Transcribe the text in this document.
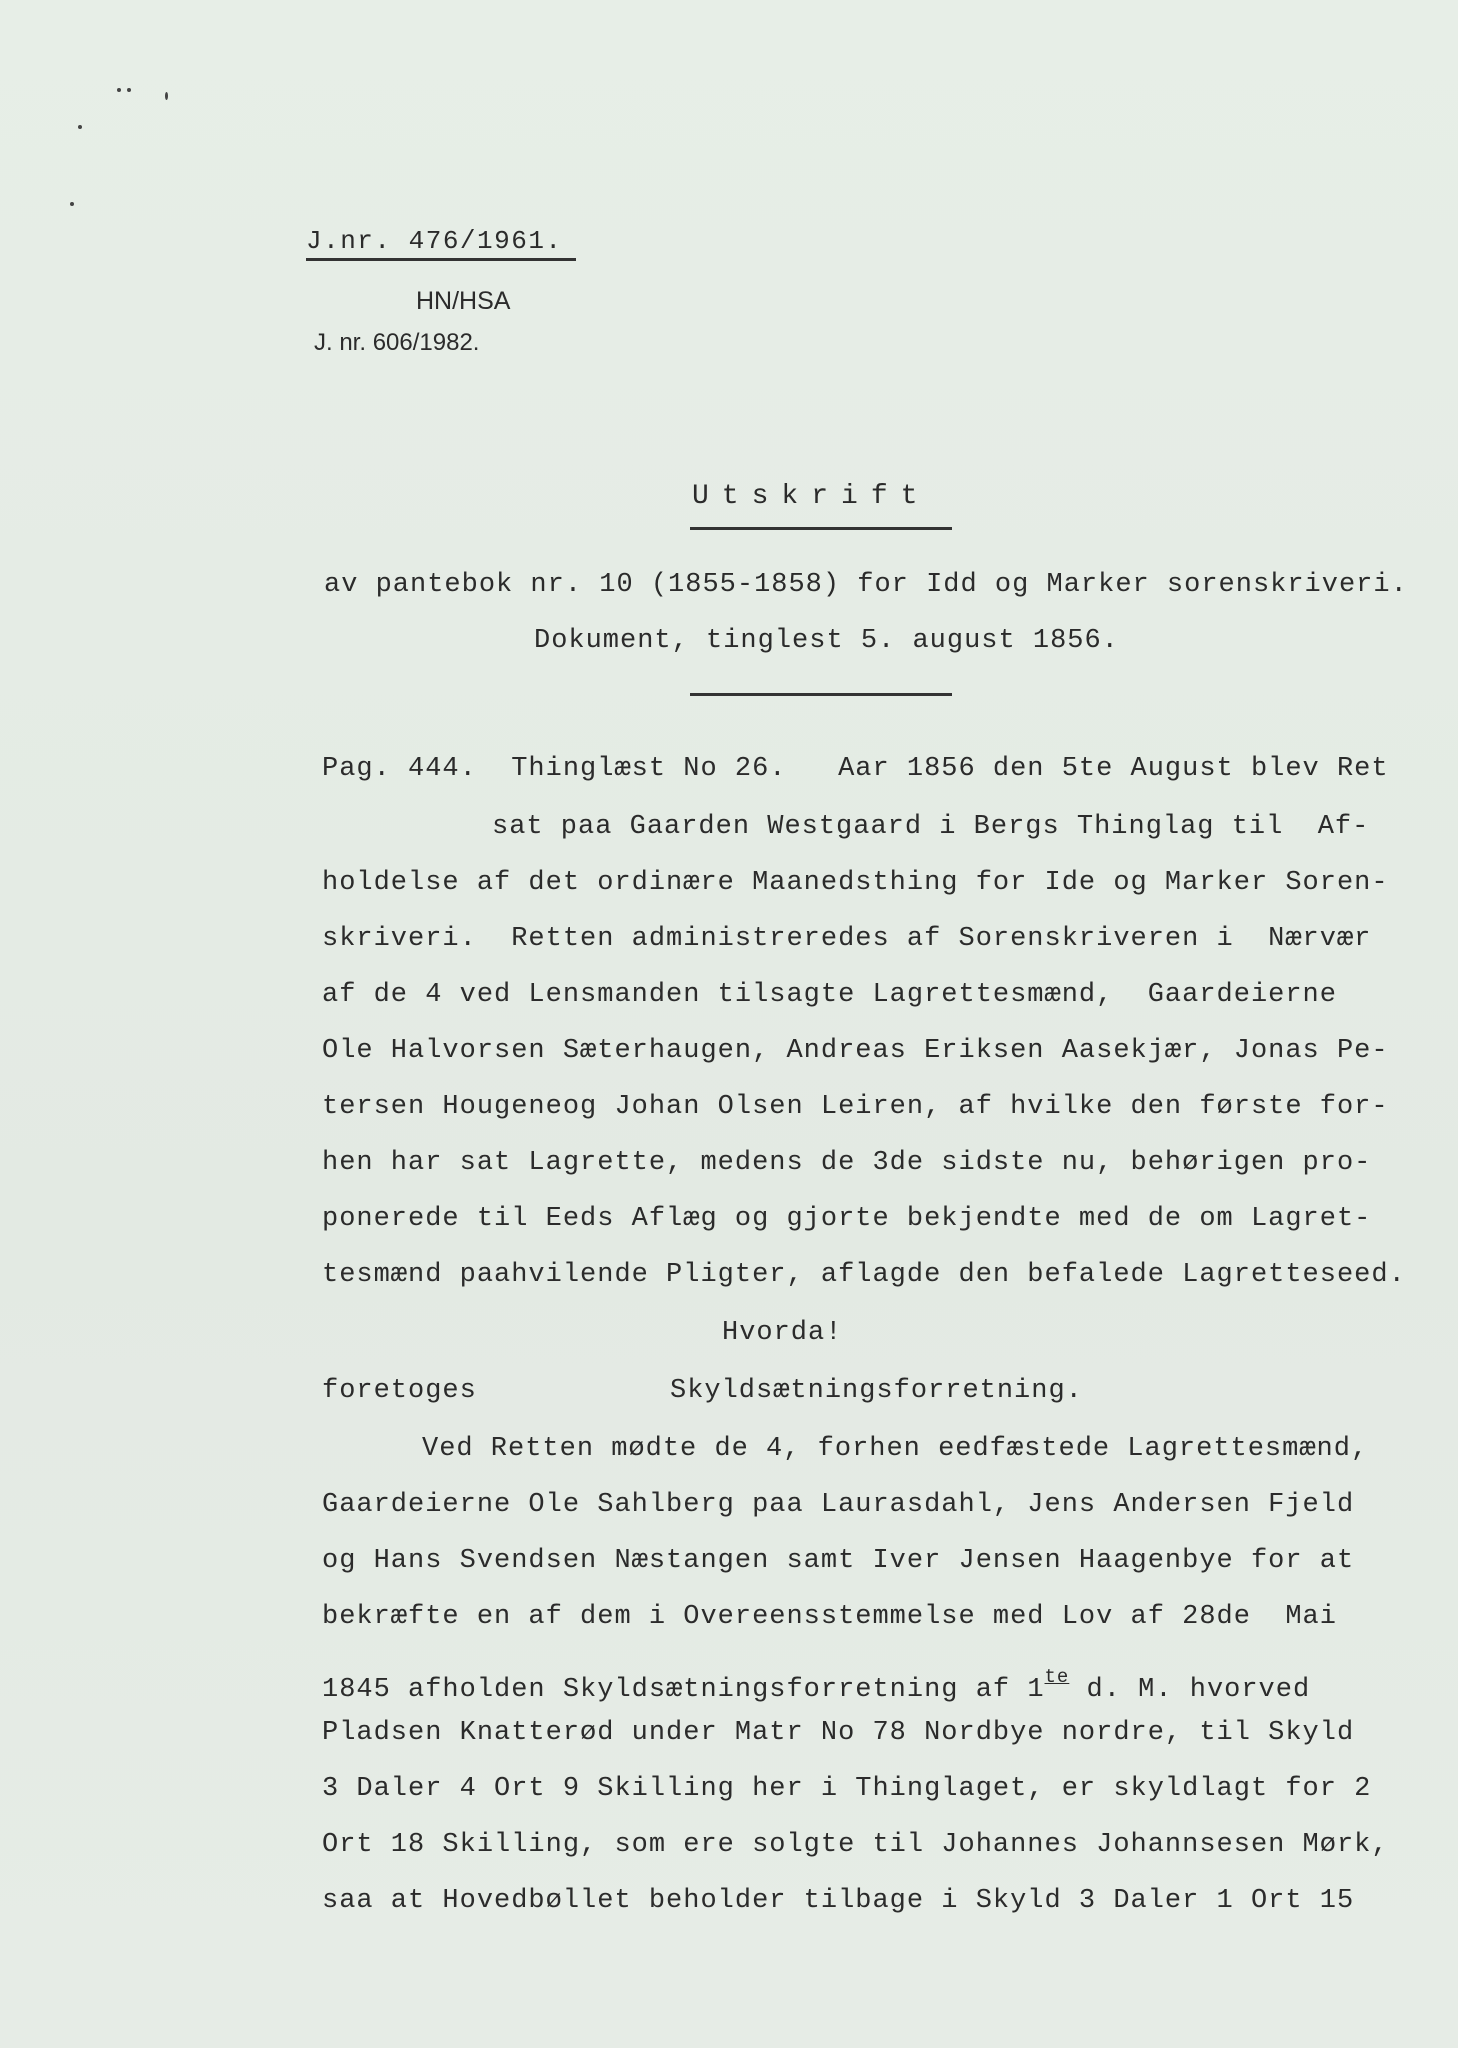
J.nr. 476/1961.
HN/HSA
J. nr. 606/1982.
Utskrift
av pantebok nr. 10 (1855-1858) for Idd og Marker sorenskriveri.
Dokument, tinglest 5. august 1856.
Pag. 444.  Thinglæst No 26.   Aar 1856 den 5te August blev Ret
sat paa Gaarden Westgaard i Bergs Thinglag til  Af-
holdelse af det ordinære Maanedsthing for Ide og Marker Soren-
skriveri.  Retten administreredes af Sorenskriveren i  Nærvær
af de 4 ved Lensmanden tilsagte Lagrettesmænd,  Gaardeierne
Ole Halvorsen Sæterhaugen, Andreas Eriksen Aasekjær, Jonas Pe-
tersen Hougeneog Johan Olsen Leiren, af hvilke den første for-
hen har sat Lagrette, medens de 3de sidste nu, behørigen pro-
ponerede til Eeds Aflæg og gjorte bekjendte med de om Lagret-
tesmænd paahvilende Pligter, aflagde den befalede Lagretteseed.
Hvorda!
foretoges	Skyldsætningsforretning.
Ved Retten mødte de 4, forhen eedfæstede Lagrettesmænd,
Gaardeierne Ole Sahlberg paa Laurasdahl, Jens Andersen Fjeld
og Hans Svendsen Næstangen samt Iver Jensen Haagenbye for at
bekræfte en af dem i Overeensstemmelse med Lov af 28de  Mai
1845 afholden Skyldsætningsforretning af $1^{te}$ d. M. hvorved
Pladsen Knatterød under Matr No 78 Nordbye nordre, til Skyld
3 Daler 4 Ort 9 Skilling her i Thinglaget, er skyldlagt for 2
Ort 18 Skilling, som ere solgte til Johannes Johannsesen Mørk,
saa at Hovedbøllet beholder tilbage i Skyld 3 Daler 1 Ort 15
